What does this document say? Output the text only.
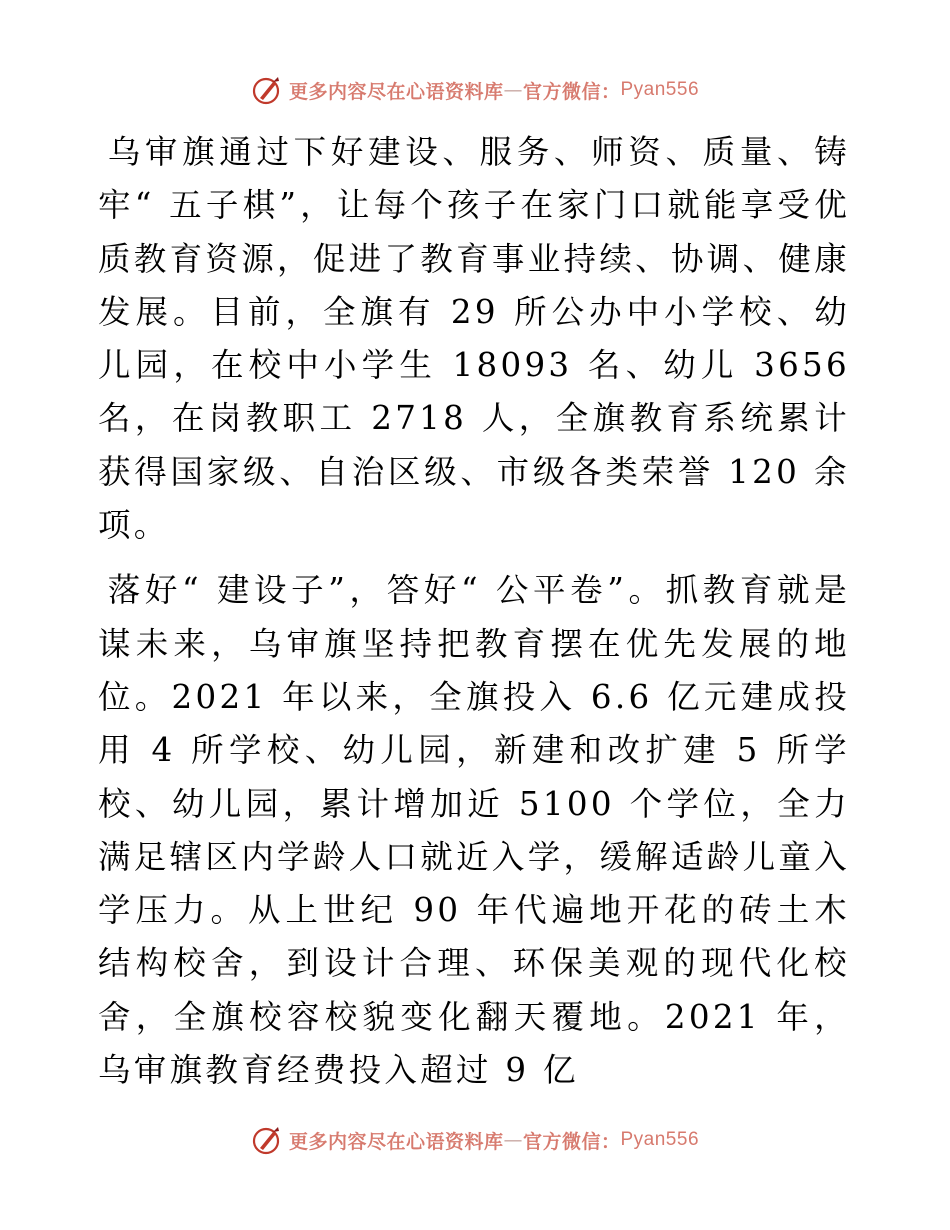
更多内容尽在心语资料库 — 官方微信： Pyan556

乌审旗通过下好建设、服务、师资、质量、铸牢“ 五子棋”，让每个孩子在家门口就能享受优质教育资源，促进了教育事业持续、协调、健康发展。目前，全旗有 29 所公办中小学校、幼儿园，在校中小学生 18093 名、幼儿 3656 名，在岗教职工 2718 人，全旗教育系统累计获得国家级、自治区级、市级各类荣誉 120 余项。

落好“ 建设子”，答好“ 公平卷”。抓教育就是谋未来，乌审旗坚持把教育摆在优先发展的地位。2021 年以来，全旗投入 6.6 亿元建成投用 4 所学校、幼儿园，新建和改扩建 5 所学校、幼儿园，累计增加近 5100 个学位，全力满足辖区内学龄人口就近入学，缓解适龄儿童入学压力。从上世纪 90 年代遍地开花的砖土木结构校舍，到设计合理、环保美观的现代化校舍，全旗校容校貌变化翻天覆地。2021 年，乌审旗教育经费投入超过 9 亿

更多内容尽在心语资料库 — 官方微信： Pyan556
